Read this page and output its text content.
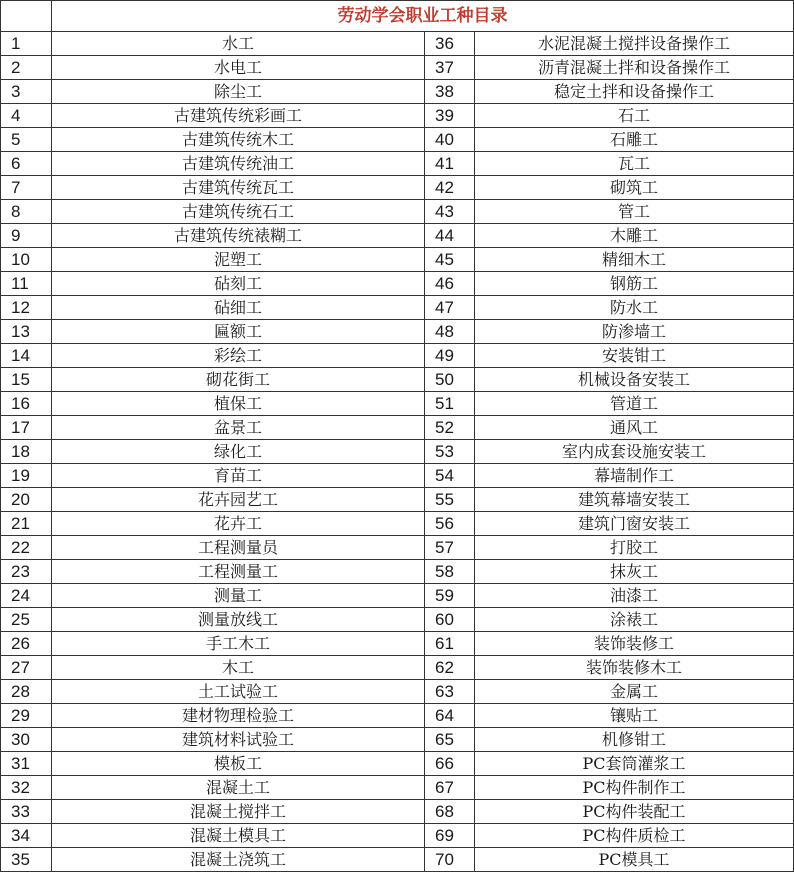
	劳动学会职业工种目录		
1	水工	36	水泥混凝土搅拌设备操作工
2	水电工	37	沥青混凝土拌和设备操作工
3	除尘工	38	稳定土拌和设备操作工
4	古建筑传统彩画工	39	石工
5	古建筑传统木工	40	石雕工
6	古建筑传统油工	41	瓦工
7	古建筑传统瓦工	42	砌筑工
8	古建筑传统石工	43	管工
9	古建筑传统裱糊工	44	木雕工
10	泥塑工	45	精细木工
11	砧刻工	46	钢筋工
12	砧细工	47	防水工
13	匾额工	48	防渗墙工
14	彩绘工	49	安装钳工
15	砌花街工	50	机械设备安装工
16	植保工	51	管道工
17	盆景工	52	通风工
18	绿化工	53	室内成套设施安装工
19	育苗工	54	幕墙制作工
20	花卉园艺工	55	建筑幕墙安装工
21	花卉工	56	建筑门窗安装工
22	工程测量员	57	打胶工
23	工程测量工	58	抹灰工
24	测量工	59	油漆工
25	测量放线工	60	涂裱工
26	手工木工	61	装饰装修工
27	木工	62	装饰装修木工
28	土工试验工	63	金属工
29	建材物理检验工	64	镶贴工
30	建筑材料试验工	65	机修钳工
31	模板工	66	PC套筒灌浆工
32	混凝土工	67	PC构件制作工
33	混凝土搅拌工	68	PC构件装配工
34	混凝土模具工	69	PC构件质检工
35	混凝土浇筑工	70	PC模具工
